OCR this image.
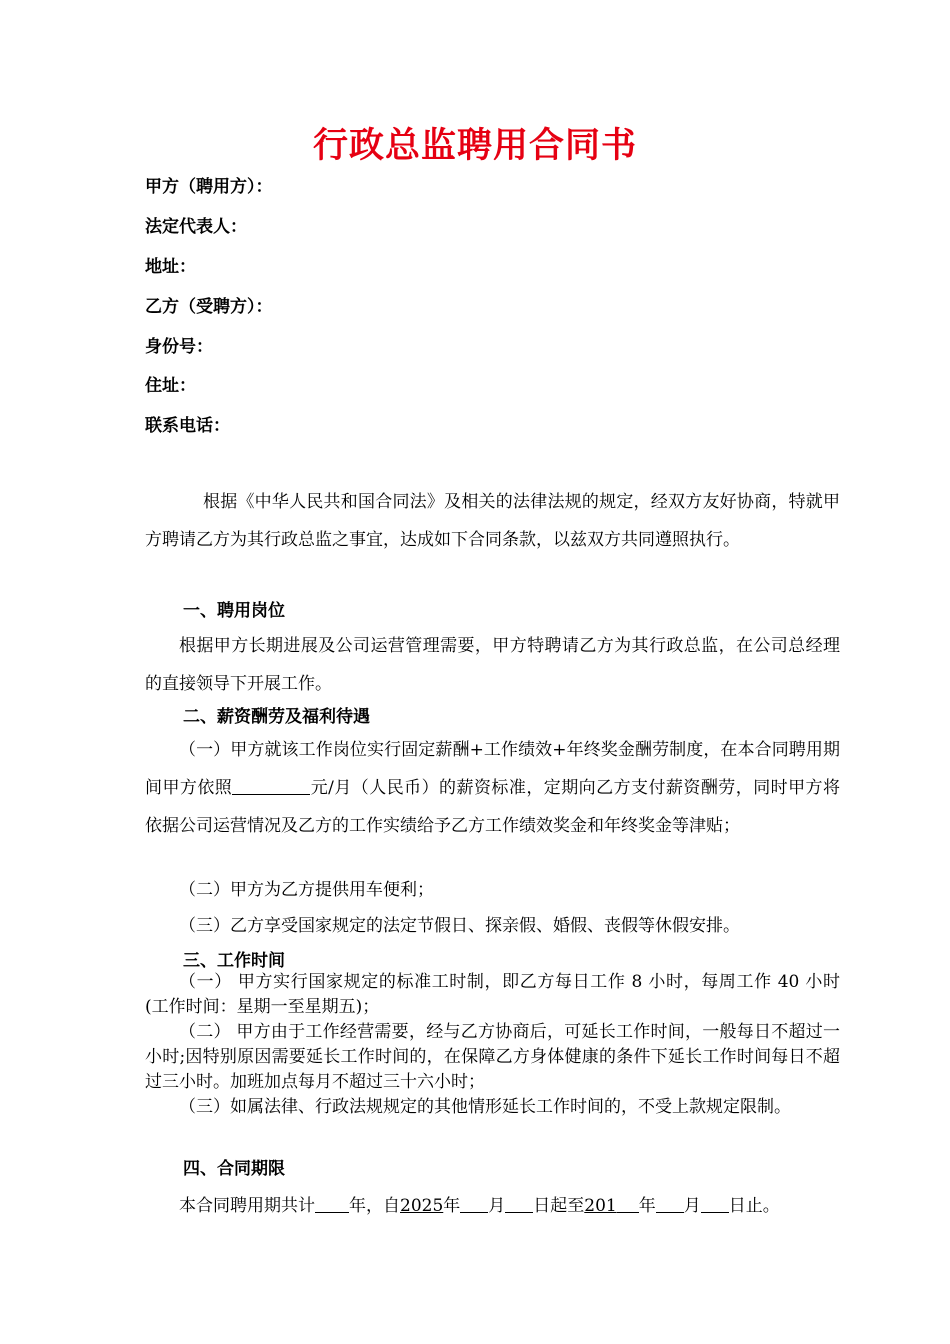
行政总监聘用合同书
甲方（聘用方）：
法定代表人：
地址：
乙方（受聘方）：
身份号：
住址：
联系电话：

根据《中华人民共和国合同法》及相关的法律法规的规定，经双方友好协商，特就甲方聘请乙方为其行政总监之事宜，达成如下合同条款，以兹双方共同遵照执行。

一、聘用岗位

根据甲方长期进展及公司运营管理需要，甲方特聘请乙方为其行政总监，在公司总经理的直接领导下开展工作。

二、薪资酬劳及福利待遇

（一）甲方就该工作岗位实行固定薪酬+工作绩效+年终奖金酬劳制度，在本合同聘用期间甲方依照	元/月（人民币）的薪资标准，定期向乙方支付薪资酬劳，同时甲方将依据公司运营情况及乙方的工作实绩给予乙方工作绩效奖金和年终奖金等津贴；

（二）甲方为乙方提供用车便利；

（三）乙方享受国家规定的法定节假日、探亲假、婚假、丧假等休假安排。

三、工作时间

（一） 甲方实行国家规定的标准工时制，即乙方每日工作 8 小时，每周工作 40 小时(工作时间：星期一至星期五)；

（二） 甲方由于工作经营需要，经与乙方协商后，可延长工作时间，一般每日不超过一小时;因特别原因需要延长工作时间的，在保障乙方身体健康的条件下延长工作时间每日不超过三小时。加班加点每月不超过三十六小时；

（三）如属法律、行政法规规定的其他情形延长工作时间的，不受上款规定限制。

四、合同期限

本合同聘用期共计 年，自2025年 月 日起至201 年 月 日止。
